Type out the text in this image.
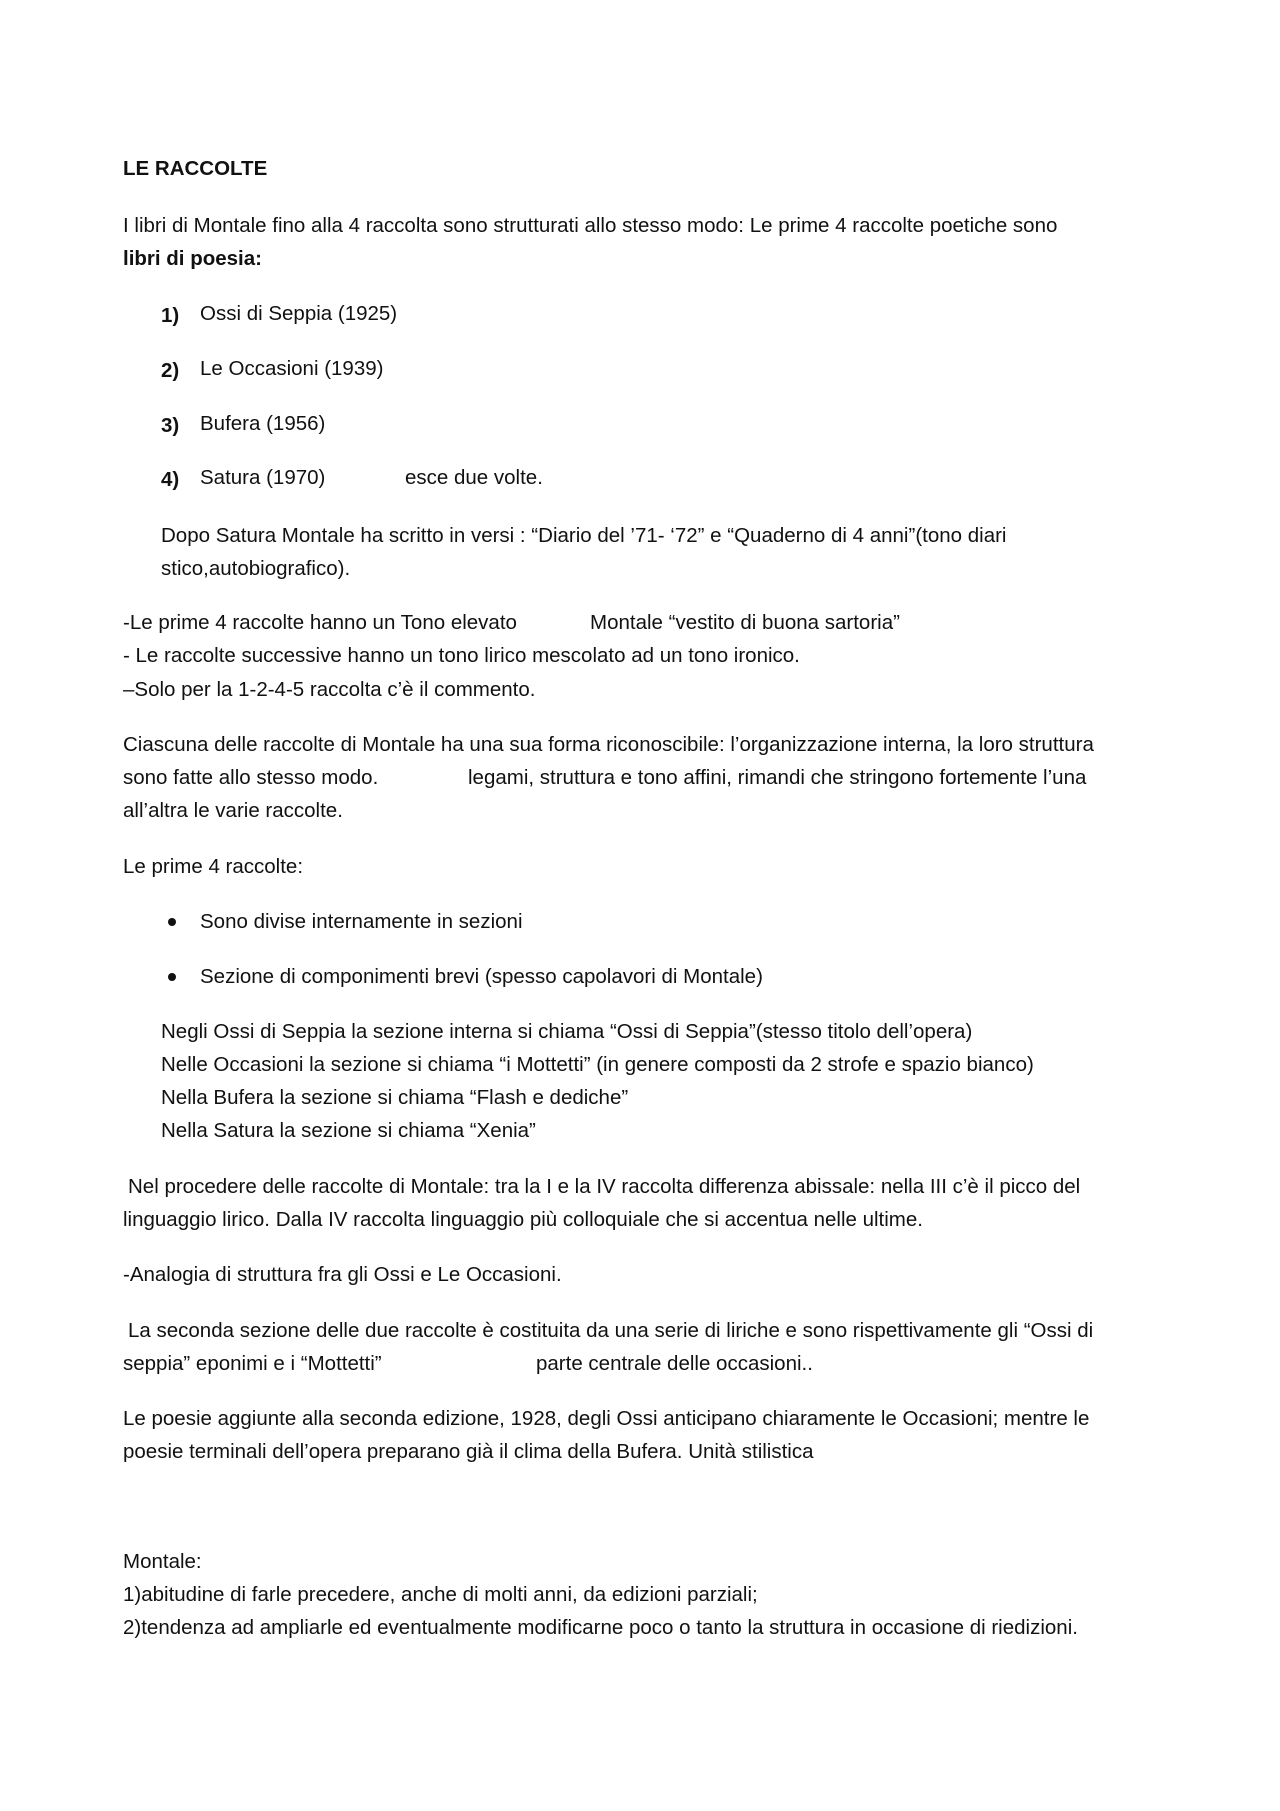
LE RACCOLTE
I libri di Montale fino alla 4 raccolta sono strutturati allo stesso modo: Le prime 4 raccolte poetiche sono
libri di poesia:
1) Ossi di Seppia (1925)
2) Le Occasioni (1939)
3) Bufera (1956)
4) Satura (1970)	esce due volte.
Dopo Satura Montale ha scritto in versi : “Diario del ’71- ‘72” e “Quaderno di 4 anni”(tono diari
stico,autobiografico).
-Le prime 4 raccolte hanno un Tono elevato	Montale “vestito di buona sartoria”
- Le raccolte successive hanno un tono lirico mescolato ad un tono ironico.
–Solo per la 1-2-4-5 raccolta c’è il commento.
Ciascuna delle raccolte di Montale ha una sua forma riconoscibile: l’organizzazione interna, la loro struttura
sono fatte allo stesso modo.	legami, struttura e tono affini, rimandi che stringono fortemente l’una
all’altra le varie raccolte.
Le prime 4 raccolte:
Sono divise internamente in sezioni
Sezione di componimenti brevi (spesso capolavori di Montale)
Negli Ossi di Seppia la sezione interna si chiama “Ossi di Seppia”(stesso titolo dell’opera)
Nelle Occasioni la sezione si chiama “i Mottetti” (in genere composti da 2 strofe e spazio bianco)
Nella Bufera la sezione si chiama “Flash e dediche”
Nella Satura la sezione si chiama “Xenia”
Nel procedere delle raccolte di Montale: tra la I e la IV raccolta differenza abissale: nella III c’è il picco del
linguaggio lirico. Dalla IV raccolta linguaggio più colloquiale che si accentua nelle ultime.
-Analogia di struttura fra gli Ossi e Le Occasioni.
La seconda sezione delle due raccolte è costituita da una serie di liriche e sono rispettivamente gli “Ossi di
seppia” eponimi e i “Mottetti”	parte centrale delle occasioni..
Le poesie aggiunte alla seconda edizione, 1928, degli Ossi anticipano chiaramente le Occasioni; mentre le
poesie terminali dell’opera preparano già il clima della Bufera. Unità stilistica
Montale:
1)abitudine di farle precedere, anche di molti anni, da edizioni parziali;
2)tendenza ad ampliarle ed eventualmente modificarne poco o tanto la struttura in occasione di riedizioni.
